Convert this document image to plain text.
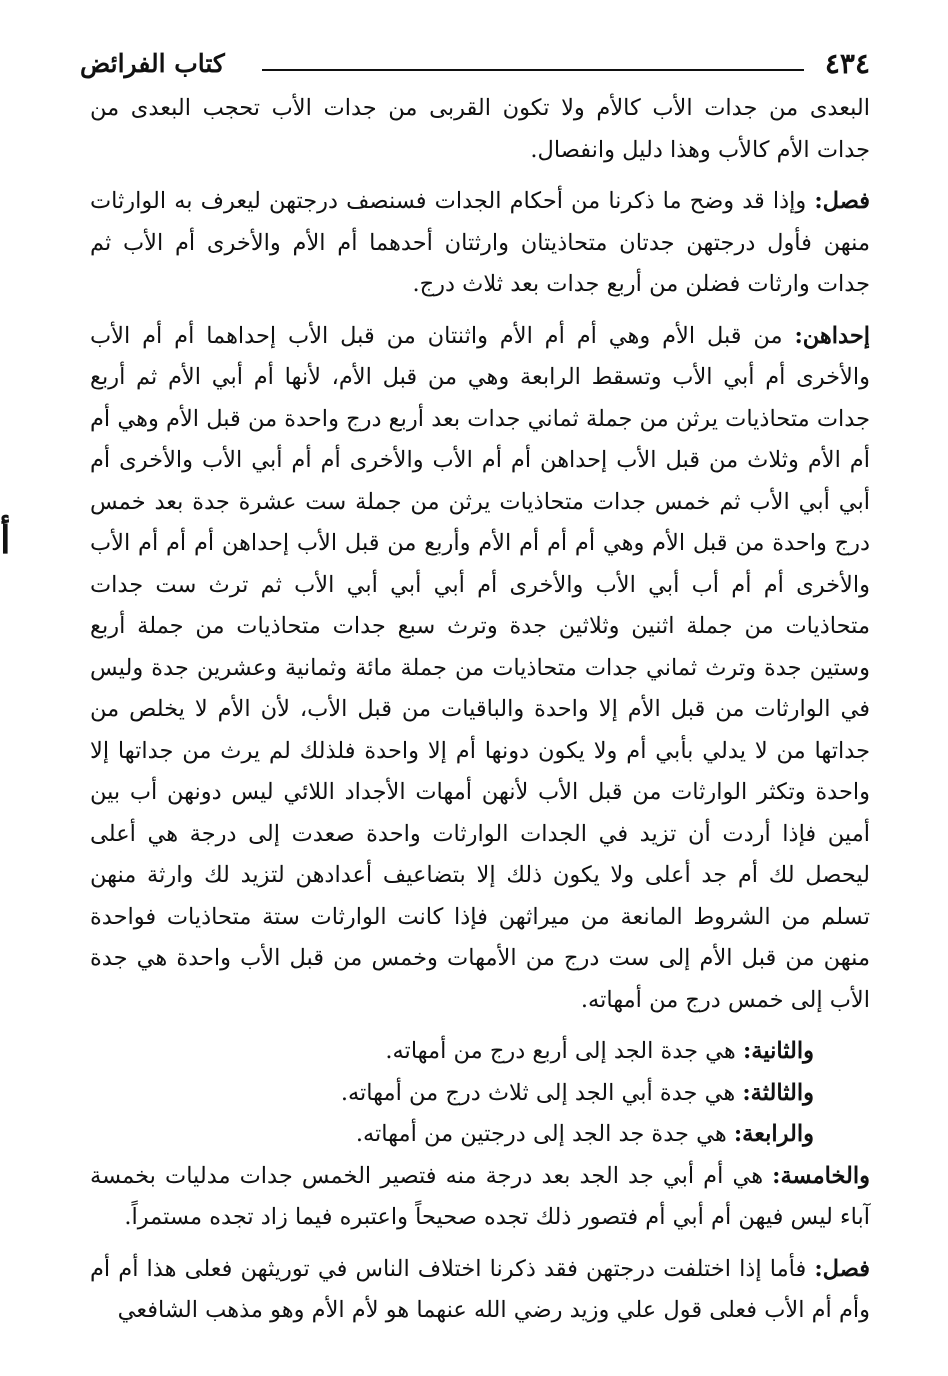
٤٣٤
كتاب الفرائض
أ

البعدى من جدات الأب كالأم ولا تكون القربى من جدات الأب تحجب البعدى من جدات الأم كالأب وهذا دليل وانفصال.

فصل: وإذا قد وضح ما ذكرنا من أحكام الجدات فسنصف درجتهن ليعرف به الوارثات منهن فأول درجتهن جدتان متحاذيتان وارثتان أحدهما أم الأم والأخرى أم الأب ثم جدات وارثات فضلن من أربع جدات بعد ثلاث درج.

إحداهن: من قبل الأم وهي أم أم الأم واثنتان من قبل الأب إحداهما أم أم الأب والأخرى أم أبي الأب وتسقط الرابعة وهي من قبل الأم، لأنها أم أبي الأم ثم أربع جدات متحاذيات يرثن من جملة ثماني جدات بعد أربع درج واحدة من قبل الأم وهي أم أم الأم وثلاث من قبل الأب إحداهن أم أم الأب والأخرى أم أم أبي الأب والأخرى أم أبي أبي الأب ثم خمس جدات متحاذيات يرثن من جملة ست عشرة جدة بعد خمس درج واحدة من قبل الأم وهي أم أم أم الأم وأربع من قبل الأب إحداهن أم أم أم الأب والأخرى أم أم أب أبي الأب والأخرى أم أبي أبي أبي الأب ثم ترث ست جدات متحاذيات من جملة اثنين وثلاثين جدة وترث سبع جدات متحاذيات من جملة أربع وستين جدة وترث ثماني جدات متحاذيات من جملة مائة وثمانية وعشرين جدة وليس في الوارثات من قبل الأم إلا واحدة والباقيات من قبل الأب، لأن الأم لا يخلص من جداتها من لا يدلي بأبي أم ولا يكون دونها أم إلا واحدة فلذلك لم يرث من جداتها إلا واحدة وتكثر الوارثات من قبل الأب لأنهن أمهات الأجداد اللائي ليس دونهن أب بين أمين فإذا أردت أن تزيد في الجدات الوارثات واحدة صعدت إلى درجة هي أعلى ليحصل لك أم جد أعلى ولا يكون ذلك إلا بتضاعيف أعدادهن لتزيد لك وارثة منهن تسلم من الشروط المانعة من ميراثهن فإذا كانت الوارثات ستة متحاذيات فواحدة منهن من قبل الأم إلى ست درج من الأمهات وخمس من قبل الأب واحدة هي جدة الأب إلى خمس درج من أمهاته.

والثانية: هي جدة الجد إلى أربع درج من أمهاته.

والثالثة: هي جدة أبي الجد إلى ثلاث درج من أمهاته.

والرابعة: هي جدة جد الجد إلى درجتين من أمهاته.

والخامسة: هي أم أبي جد الجد بعد درجة منه فتصير الخمس جدات مدليات بخمسة آباء ليس فيهن أم أبي أم فتصور ذلك تجده صحيحاً واعتبره فيما زاد تجده مستمراً.

فصل: فأما إذا اختلفت درجتهن فقد ذكرنا اختلاف الناس في توريثهن فعلى هذا أم أم وأم أم الأب فعلى قول علي وزيد رضي الله عنهما هو لأم الأم وهو مذهب الشافعي
